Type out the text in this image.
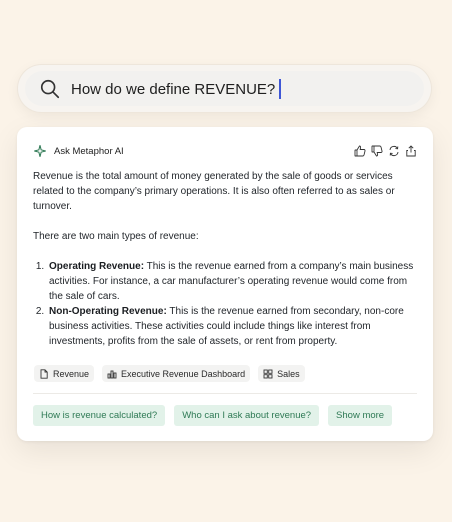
How do we define REVENUE?
Ask Metaphor AI

Revenue is the total amount of money generated by the sale of goods or services related to the company’s primary operations. It is also often referred to as sales or turnover.

There are two main types of revenue:

1. Operating Revenue: This is the revenue earned from a company’s main business activities. For instance, a car manufacturer’s operating revenue would come from the sale of cars.
2. Non-Operating Revenue: This is the revenue earned from secondary, non-core business activities. These activities could include things like interest from investments, profits from the sale of assets, or rent from property.
Revenue	Executive Revenue Dashboard	Sales
How is revenue calculated?	Who can I ask about revenue?	Show more
